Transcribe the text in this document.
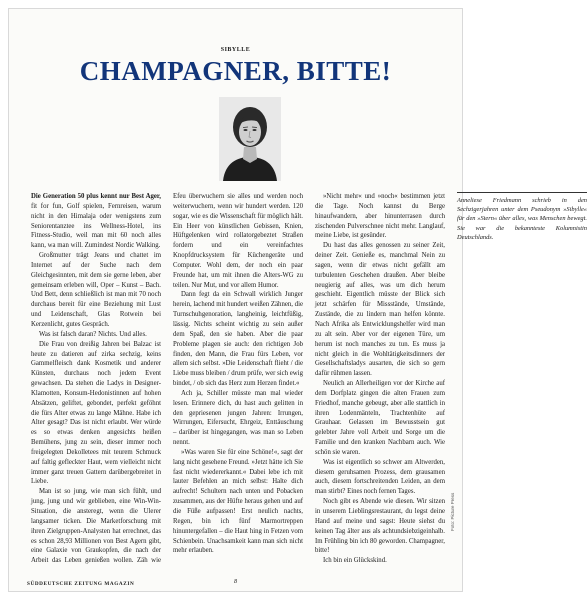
SIBYLLE
CHAMPAGNER, BITTE!

Die Generation 50 plus kennt nur Best Ager, fit for fun, Golf spielen, Fernreisen, warum nicht in den Himalaja oder wenigstens zum Seniorentanztee ins Wellness-Hotel, ins Fitness-Studio, weil man mit 60 noch alles kann, wa man will. Zumindest Nordic Walking.

Großmutter trägt Jeans und chattet im Internet auf der Suche nach dem Gleichgesinnten, mit dem sie gerne leben, aber gemeinsam erleben will, Oper – Kunst – Bach. Und Bett, denn schließlich ist man mit 70 noch durchaus bereit für eine Beziehung mit Lust und Leidenschaft, Glas Rotwein bei Kerzenlicht, gutes Gespräch.

Was ist falsch daran? Nichts. Und alles.

Die Frau von dreißig Jahren bei Balzac ist heute zu datieren auf zirka sechzig, keins Gammelfleisch dank Kosmetik und anderer Künsten, durchaus noch jedem Event gewachsen. Da stehen die Ladys in Designer-Klamotten, Konsum-Hedonistinnen auf hohen Absätzen, geliftet, gebondet, perfekt geföhnt die fürs Alter etwas zu lange Mähne. Habe ich Alter gesagt? Das ist nicht erlaubt. Wer würde es so etwas denken angesichts heißen Bemühens, jung zu sein, dieser immer noch freigelegten Dekolletees mit teurem Schmuck auf faltig gefleckter Haut, wem vielleicht nicht immer ganz treuen Gattern darübergebreitet in Liebe.

Man ist so jung, wie man sich fühlt, und jung, jung und wir geblieben, eine Win-Win-Situation, die ansteregt, wenn die Ulerer langsamer ticken. Die Marketforschung mit ihren Zielgruppen-Analysten hat errechnet, das es schon 28,93 Millionen von Best Agern gibt, eine Galaxie von Graukopfen, die nach der Arbeit das Leben genießen wollen. Zäh wie Efeu überwuchern sie alles und werden noch weiterwuchern, wenn wir hundert werden. 120 sogar, wie es die Wissenschaft für möglich hält. Ein Heer von künstlichen Gebissen, Knien, Hüftgelenken wird rollatorgebeztet Straßen fordern und ein vereinfachtes Knopfdrucksystem für Küchengeräte und Computer. Wohl dem, der noch ein paar Freunde hat, um mit ihnen die Alters-WG zu teilen. Nur Mut, und vor allem Humor.

Dann fegt da ein Schwall wirklich Junger herein, lachend mit hundert weißen Zähnen, die Turnschuhgenoration, langheinig, leichtfüßig, lässig. Nichts scheint wichtig zu sein außer dem Spaß, den sie haben. Aber die paar Probleme plagen sie auch: den richtigen Job finden, den Mann, die Frau fürs Leben, vor allem sich selbst. »Die Leidenschaft flieht / die Liebe muss bleiben / drum prüfe, wer sich ewig bindet, / ob sich das Herz zum Herzen findet.«

Ach ja, Schiller müsste man mal wieder lesen. Erinnere dich, du hast auch gelitten in den gepriesenen jungen Jahren: Irrungen, Wirrungen, Eifersucht, Ehrgeiz, Enttäuschung – darüber ist hingegangen, was man so Leben nennt.

»Was waren Sie für eine Schöne!«, sagt der lang nicht gesehene Freund. »Jetzt hätte ich Sie fast nicht wiedererkannt.« Dabei lebe ich mit lauter Befehlen an mich selbst: Halte dich aufrecht! Schultern nach unten und Pobacken zusammen, aus der Hüfte heraus gehen und auf die Füße aufpassen! Erst neulich nachts, Regen, bin ich fünf Marmortreppen hinuntergefallen – die Haut hing in Fetzen vom Schienbein. Unachsamkeit kann man sich nicht mehr erlauben.

»Nicht mehr« und »noch« bestimmen jetzt die Tage. Noch kannst du Berge hinaufwandern, aber hinunterrasen durch zischenden Pulverschnee nicht mehr. Langlauf, meine Liebe, ist gesünder.

Du hast das alles genossen zu seiner Zeit, deiner Zeit. Genieße es, manchmal Nein zu sagen, wenn dir etwas nicht gefällt am turbulenten Geschehen draußen. Aber bleibe neugierig auf alles, was um dich herum geschieht. Eigentlich müsste der Blick sich jetzt schärfen für Missstände, Umstände, Zustände, die zu lindern man helfen könnte. Nach Afrika als Entwicklungshelfer wird man zu alt sein. Aber vor der eigenen Türe, um herum ist noch manches zu tun. Es muss ja nicht gleich in die Wohltätigkeitsdinners der Gesellschaftsladys ausarten, die sich so gern dafür rühmen lassen.

Neulich an Allerheiligen vor der Kirche auf dem Dorfplatz gingen die alten Frauen zum Friedhof, manche gebeugt, aber alle stattlich in ihren Lodenmänteln, Trachtenhüte auf Grauhaar. Gelassen im Bewusstsein gut gelebter Jahre voll Arbeit und Sorge um die Familie und den kranken Nachbarn auch. Wie schön sie waren.

Was ist eigentlich so schwer am Altwerden, diesem geruhsamen Prozess, dem grausamen auch, diesem fortschreitenden Leiden, an dem man stirbt? Eines noch fernen Tages.

Noch gibt es Abende wie diesen. Wir sitzen in unserem Lieblingsrestaurant, du legst deine Hand auf meine und sagst: Heute siehst du keinen Tag älter aus als achtundsiebzigeinhalb. Im Frühling bin ich 80 geworden. Champagner, bitte!

Ich bin ein Glückskind.

Anneliese Friedmann schrieb in den Sechzigerjahren unter dem Pseudonym »Sibylle« für den »Stern« über alles, was Menschen bewegt. Sie war die bekannteste Kolumnistin Deutschlands.

Foto: Picture Press
SÜDDEUTSCHE ZEITUNG MAGAZIN	8
